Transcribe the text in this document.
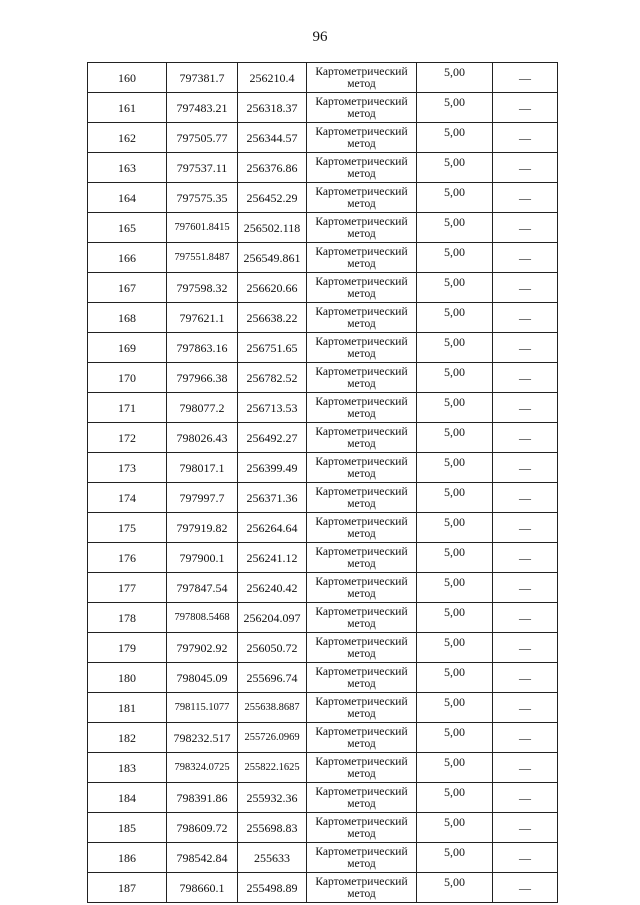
96
160	797381.7	256210.4	Картометрический
метод	5,00	—
161	797483.21	256318.37	Картометрический
метод	5,00	—
162	797505.77	256344.57	Картометрический
метод	5,00	—
163	797537.11	256376.86	Картометрический
метод	5,00	—
164	797575.35	256452.29	Картометрический
метод	5,00	—
165	797601.8415	256502.118	Картометрический
метод	5,00	—
166	797551.8487	256549.861	Картометрический
метод	5,00	—
167	797598.32	256620.66	Картометрический
метод	5,00	—
168	797621.1	256638.22	Картометрический
метод	5,00	—
169	797863.16	256751.65	Картометрический
метод	5,00	—
170	797966.38	256782.52	Картометрический
метод	5,00	—
171	798077.2	256713.53	Картометрический
метод	5,00	—
172	798026.43	256492.27	Картометрический
метод	5,00	—
173	798017.1	256399.49	Картометрический
метод	5,00	—
174	797997.7	256371.36	Картометрический
метод	5,00	—
175	797919.82	256264.64	Картометрический
метод	5,00	—
176	797900.1	256241.12	Картометрический
метод	5,00	—
177	797847.54	256240.42	Картометрический
метод	5,00	—
178	797808.5468	256204.097	Картометрический
метод	5,00	—
179	797902.92	256050.72	Картометрический
метод	5,00	—
180	798045.09	255696.74	Картометрический
метод	5,00	—
181	798115.1077	255638.8687	Картометрический
метод	5,00	—
182	798232.517	255726.0969	Картометрический
метод	5,00	—
183	798324.0725	255822.1625	Картометрический
метод	5,00	—
184	798391.86	255932.36	Картометрический
метод	5,00	—
185	798609.72	255698.83	Картометрический
метод	5,00	—
186	798542.84	255633	Картометрический
метод	5,00	—
187	798660.1	255498.89	Картометрический
метод	5,00	—
